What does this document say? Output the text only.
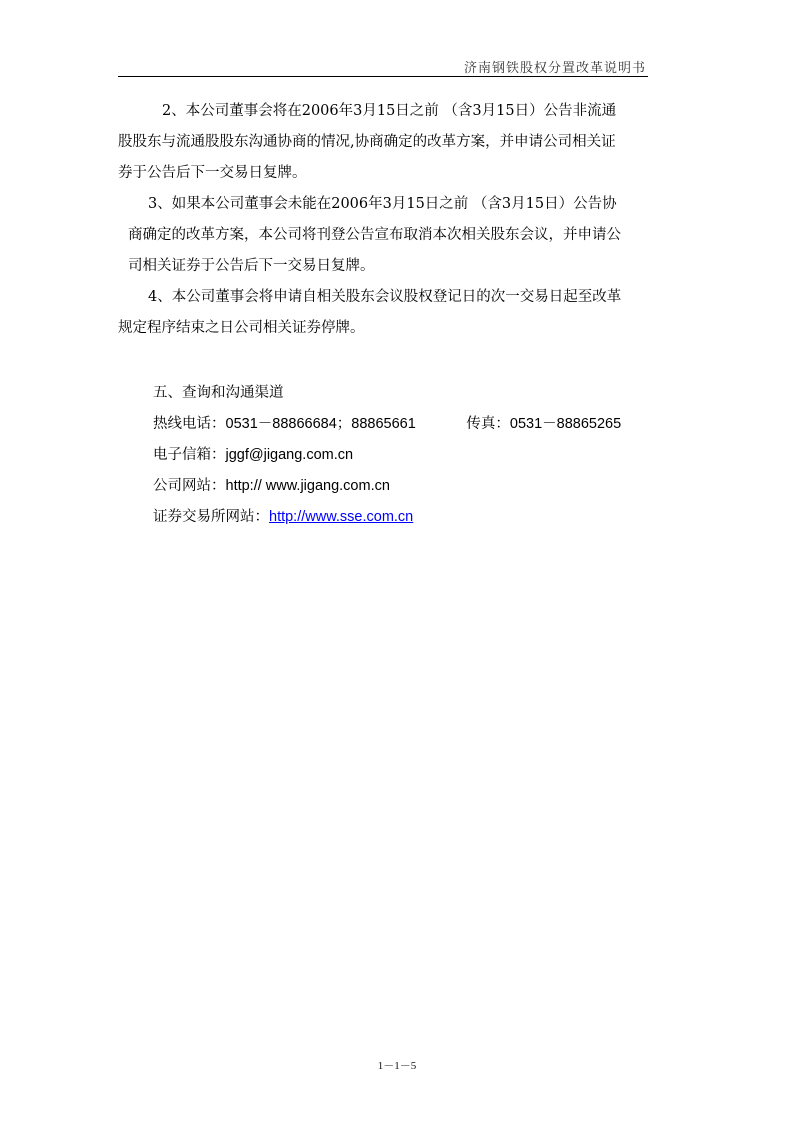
济南钢铁股权分置改革说明书
2、本公司董事会将在2006年3月15日之前 （含3月15日）公告非流通
股股东与流通股股东沟通协商的情况,协商确定的改革方案，并申请公司相关证
券于公告后下一交易日复牌。
3、如果本公司董事会未能在2006年3月15日之前 （含3月15日）公告协
商确定的改革方案，本公司将刊登公告宣布取消本次相关股东会议，并申请公
司相关证券于公告后下一交易日复牌。
4、本公司董事会将申请自相关股东会议股权登记日的次一交易日起至改革
规定程序结束之日公司相关证券停牌。
五、查询和沟通渠道
热线电话：0531－88866684；88865661	传真：0531－88865265
电子信箱：jggf@jigang.com.cn
公司网站：http:// www.jigang.com.cn
证券交易所网站：http://www.sse.com.cn
1－1－5
